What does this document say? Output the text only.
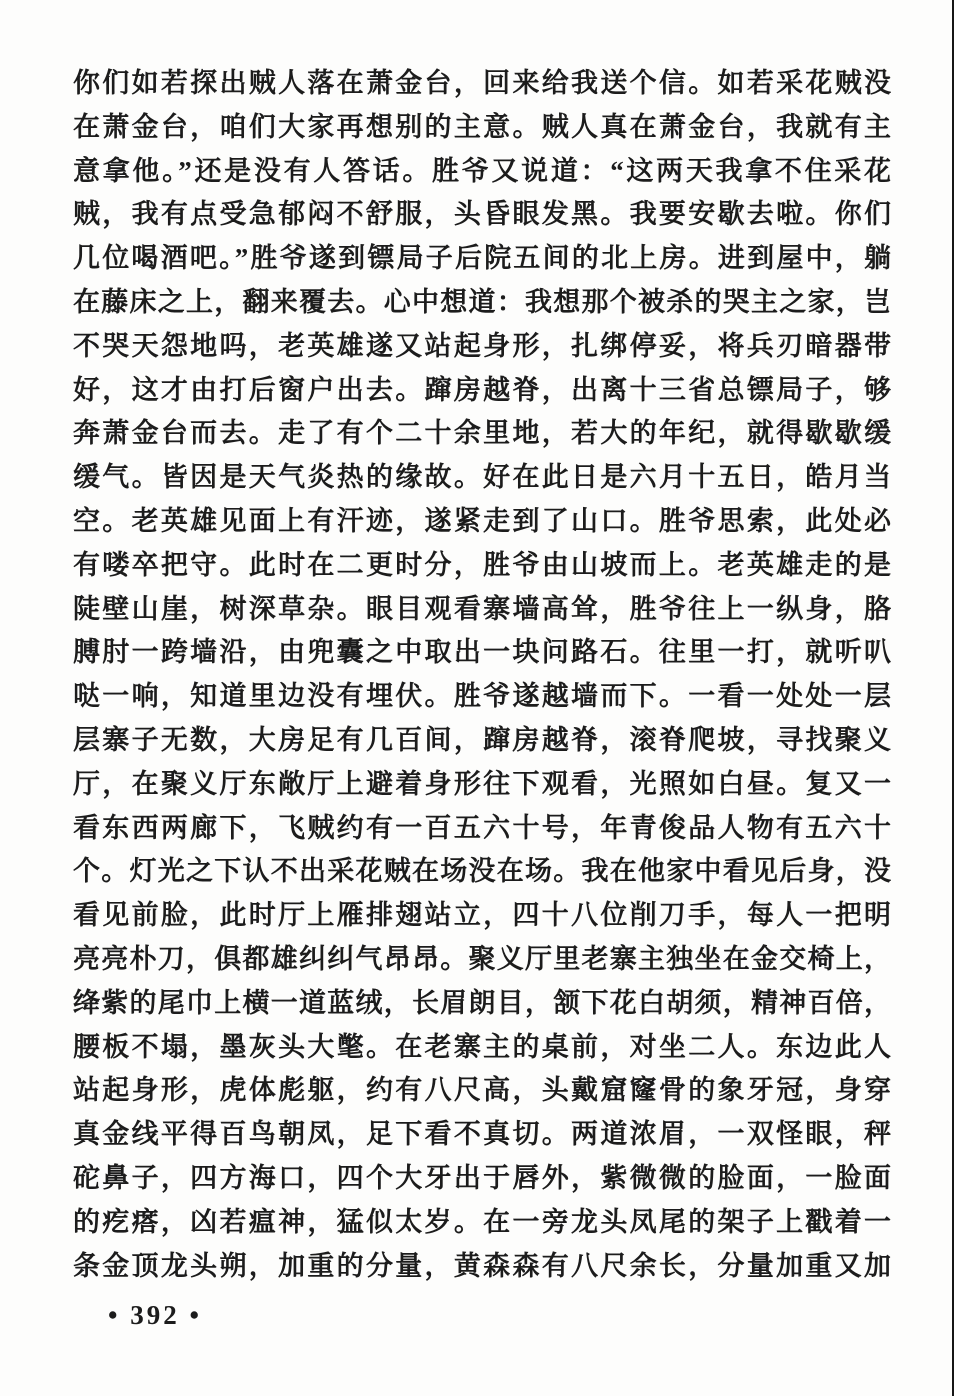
你们如若探出贼人落在萧金台，回来给我送个信。如若采花贼没
在萧金台，咱们大家再想别的主意。贼人真在萧金台，我就有主
意拿他。”还是没有人答话。胜爷又说道：“这两天我拿不住采花
贼，我有点受急郁闷不舒服，头昏眼发黑。我要安歇去啦。你们
几位喝酒吧。”胜爷遂到镖局子后院五间的北上房。进到屋中，躺
在藤床之上，翻来覆去。心中想道：我想那个被杀的哭主之家，岂
不哭天怨地吗，老英雄遂又站起身形，扎绑停妥，将兵刃暗器带
好，这才由打后窗户出去。蹿房越脊，出离十三省总镖局子，够
奔萧金台而去。走了有个二十余里地，若大的年纪，就得歇歇缓
缓气。皆因是天气炎热的缘故。好在此日是六月十五日，皓月当
空。老英雄见面上有汗迹，遂紧走到了山口。胜爷思索，此处必
有喽卒把守。此时在二更时分，胜爷由山坡而上。老英雄走的是
陡壁山崖，树深草杂。眼目观看寨墙高耸，胜爷往上一纵身，胳
膊肘一跨墙沿，由兜囊之中取出一块问路石。往里一打，就听叭
哒一响，知道里边没有埋伏。胜爷遂越墙而下。一看一处处一层
层寨子无数，大房足有几百间，蹿房越脊，滚脊爬坡，寻找聚义
厅，在聚义厅东敞厅上避着身形往下观看，光照如白昼。复又一
看东西两廊下，飞贼约有一百五六十号，年青俊品人物有五六十
个。灯光之下认不出采花贼在场没在场。我在他家中看见后身，没
看见前脸，此时厅上雁排翅站立，四十八位削刀手，每人一把明
亮亮朴刀，俱都雄纠纠气昂昂。聚义厅里老寨主独坐在金交椅上，
绛紫的尾巾上横一道蓝绒，长眉朗目，颔下花白胡须，精神百倍，
腰板不塌，墨灰头大氅。在老寨主的桌前，对坐二人。东边此人
站起身形，虎体彪躯，约有八尺高，头戴窟窿骨的象牙冠，身穿
真金线平得百鸟朝凤，足下看不真切。两道浓眉，一双怪眼，秤
砣鼻子，四方海口，四个大牙出于唇外，紫微微的脸面，一脸面
的疙瘩，凶若瘟神，猛似太岁。在一旁龙头凤尾的架子上戳着一
条金顶龙头朔，加重的分量，黄森森有八尺余长，分量加重又加
• 392 •
